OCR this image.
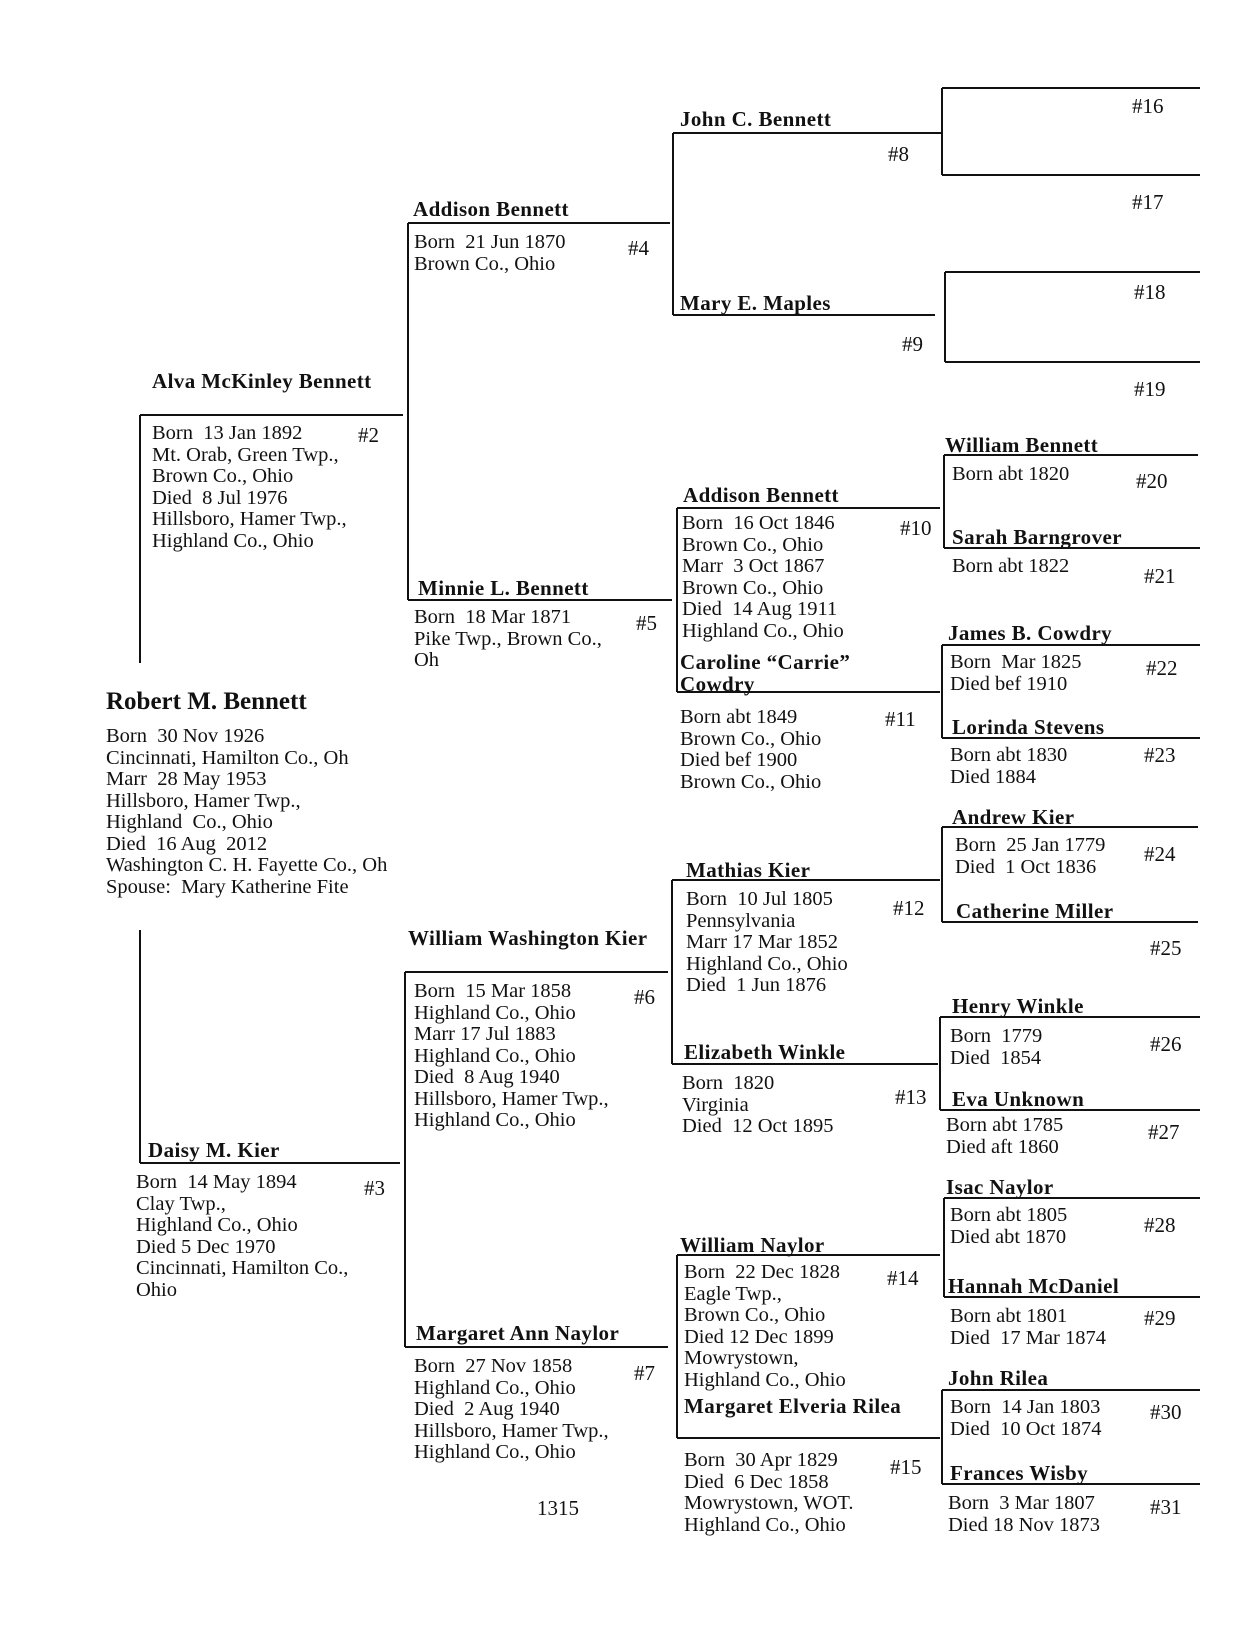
Robert M. Bennett
Born  30 Nov 1926
Cincinnati, Hamilton Co., Oh
Marr  28 May 1953
Hillsboro, Hamer Twp.,
Highland  Co., Ohio
Died  16 Aug  2012
Washington C. H. Fayette Co., Oh
Spouse:  Mary Katherine Fite
Alva McKinley Bennett
Born  13 Jan 1892
Mt. Orab, Green Twp.,
Brown Co., Ohio
Died  8 Jul 1976
Hillsboro, Hamer Twp.,
Highland Co., Ohio
#2
Daisy M. Kier
Born  14 May 1894
Clay Twp.,
Highland Co., Ohio
Died 5 Dec 1970
Cincinnati, Hamilton Co.,
Ohio
#3
Addison Bennett
Born  21 Jun 1870
Brown Co., Ohio
#4
Minnie L. Bennett
Born  18 Mar 1871
Pike Twp., Brown Co.,
Oh
#5
William Washington Kier
Born  15 Mar 1858
Highland Co., Ohio
Marr 17 Jul 1883
Highland Co., Ohio
Died  8 Aug 1940
Hillsboro, Hamer Twp.,
Highland Co., Ohio
#6
Margaret Ann Naylor
Born  27 Nov 1858
Highland Co., Ohio
Died  2 Aug 1940
Hillsboro, Hamer Twp.,
Highland Co., Ohio
#7
John C. Bennett
#8
Mary E. Maples
#9
Addison Bennett
Born  16 Oct 1846
Brown Co., Ohio
Marr  3 Oct 1867
Brown Co., Ohio
Died  14 Aug 1911
Highland Co., Ohio
#10
Caroline “Carrie” Cowdry
Born abt 1849
Brown Co., Ohio
Died bef 1900
Brown Co., Ohio
#11
Mathias Kier
Born  10 Jul 1805
Pennsylvania
Marr 17 Mar 1852
Highland Co., Ohio
Died  1 Jun 1876
#12
Elizabeth Winkle
Born  1820
Virginia
Died  12 Oct 1895
#13
William Naylor
Born  22 Dec 1828
Eagle Twp.,
Brown Co., Ohio
Died 12 Dec 1899
Mowrystown,
Highland Co., Ohio
#14
Margaret Elveria Rilea
Born  30 Apr 1829
Died  6 Dec 1858
Mowrystown, WOT.
Highland Co., Ohio
#15
#16
#17
#18
#19
William Bennett
Born abt 1820	#20
Sarah Barngrover
Born abt 1822	#21
James B. Cowdry
Born  Mar 1825
Died bef 1910
#22
Lorinda Stevens
Born abt 1830
Died 1884
#23
Andrew Kier
Born  25 Jan 1779
Died  1 Oct 1836
#24
Catherine Miller
#25
Henry Winkle
Born  1779
Died  1854
#26
Eva Unknown
Born abt 1785
Died aft 1860
#27
Isac Naylor
Born abt 1805
Died abt 1870	#28
Hannah McDaniel
Born abt 1801
Died  17 Mar 1874
#29
John Rilea
Born  14 Jan 1803
Died  10 Oct 1874
#30
Frances Wisby
Born  3 Mar 1807
Died 18 Nov 1873
#31
1315
